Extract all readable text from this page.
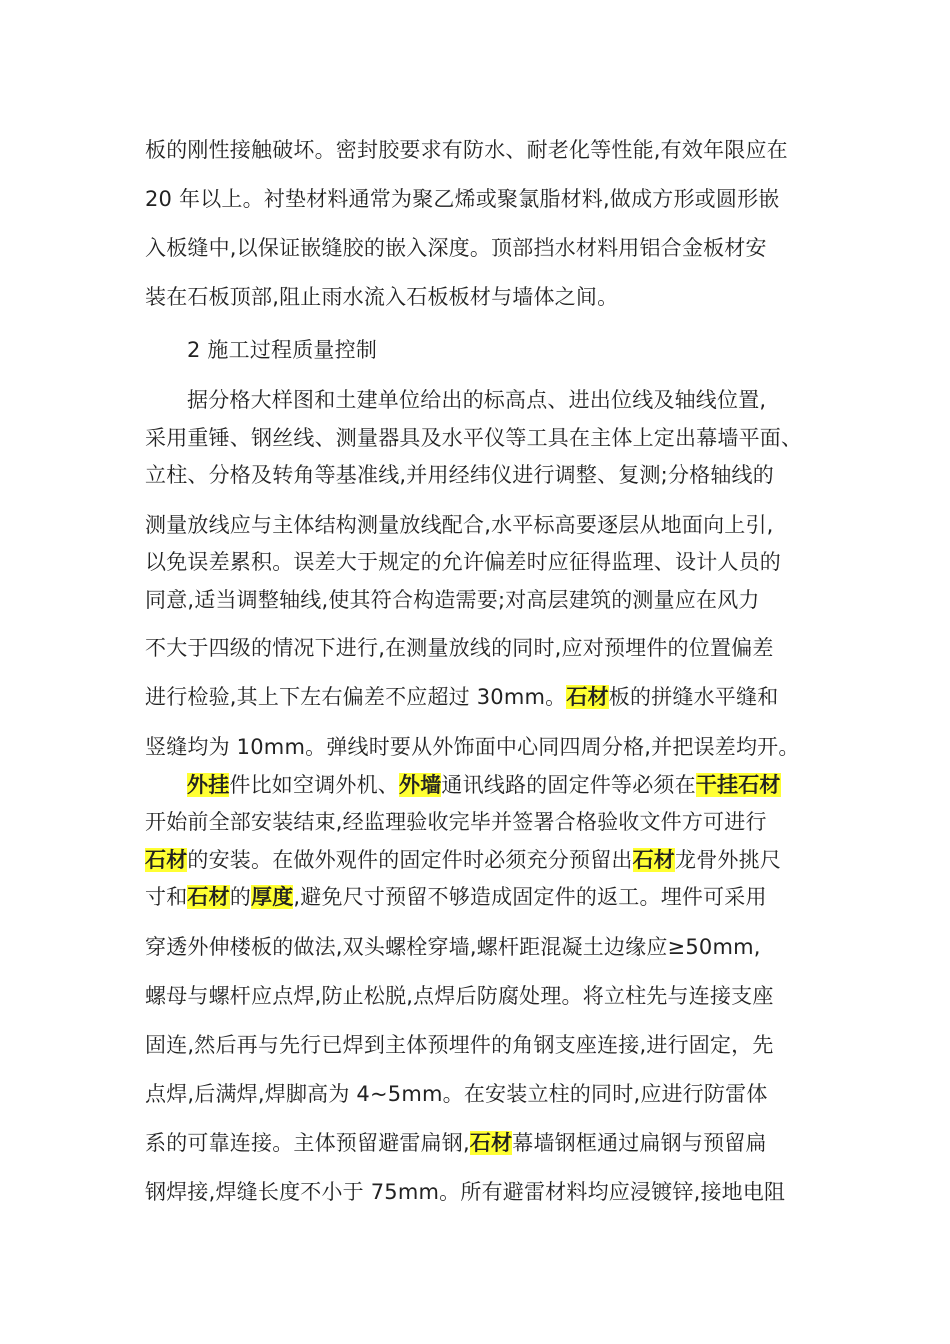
板的刚性接触破坏。密封胶要求有防水、耐老化等性能,有效年限应在
20 年以上。衬垫材料通常为聚乙烯或聚氯脂材料,做成方形或圆形嵌
入板缝中,以保证嵌缝胶的嵌入深度。顶部挡水材料用铝合金板材安
装在石板顶部,阻止雨水流入石板板材与墙体之间。
2 施工过程质量控制
据分格大样图和土建单位给出的标高点、进出位线及轴线位置,
采用重锤、钢丝线、测量器具及水平仪等工具在主体上定出幕墙平面、
立柱、分格及转角等基准线,并用经纬仪进行调整、复测;分格轴线的
测量放线应与主体结构测量放线配合,水平标高要逐层从地面向上引,
以免误差累积。误差大于规定的允许偏差时应征得监理、设计人员的
同意,适当调整轴线,使其符合构造需要;对高层建筑的测量应在风力
不大于四级的情况下进行,在测量放线的同时,应对预埋件的位置偏差
进行检验,其上下左右偏差不应超过 30mm。石材板的拼缝水平缝和
竖缝均为 10mm。弹线时要从外饰面中心同四周分格,并把误差均开。
外挂件比如空调外机、外墙通讯线路的固定件等必须在干挂石材
开始前全部安装结束,经监理验收完毕并签署合格验收文件方可进行
石材的安装。在做外观件的固定件时必须充分预留出石材龙骨外挑尺
寸和石材的厚度,避免尺寸预留不够造成固定件的返工。埋件可采用
穿透外伸楼板的做法,双头螺栓穿墙,螺杆距混凝土边缘应≥50mm,
螺母与螺杆应点焊,防止松脱,点焊后防腐处理。将立柱先与连接支座
固连,然后再与先行已焊到主体预埋件的角钢支座连接,进行固定，先
点焊,后满焊,焊脚高为 4~5mm。在安装立柱的同时,应进行防雷体
系的可靠连接。主体预留避雷扁钢,石材幕墙钢框通过扁钢与预留扁
钢焊接,焊缝长度不小于 75mm。所有避雷材料均应浸镀锌,接地电阻
